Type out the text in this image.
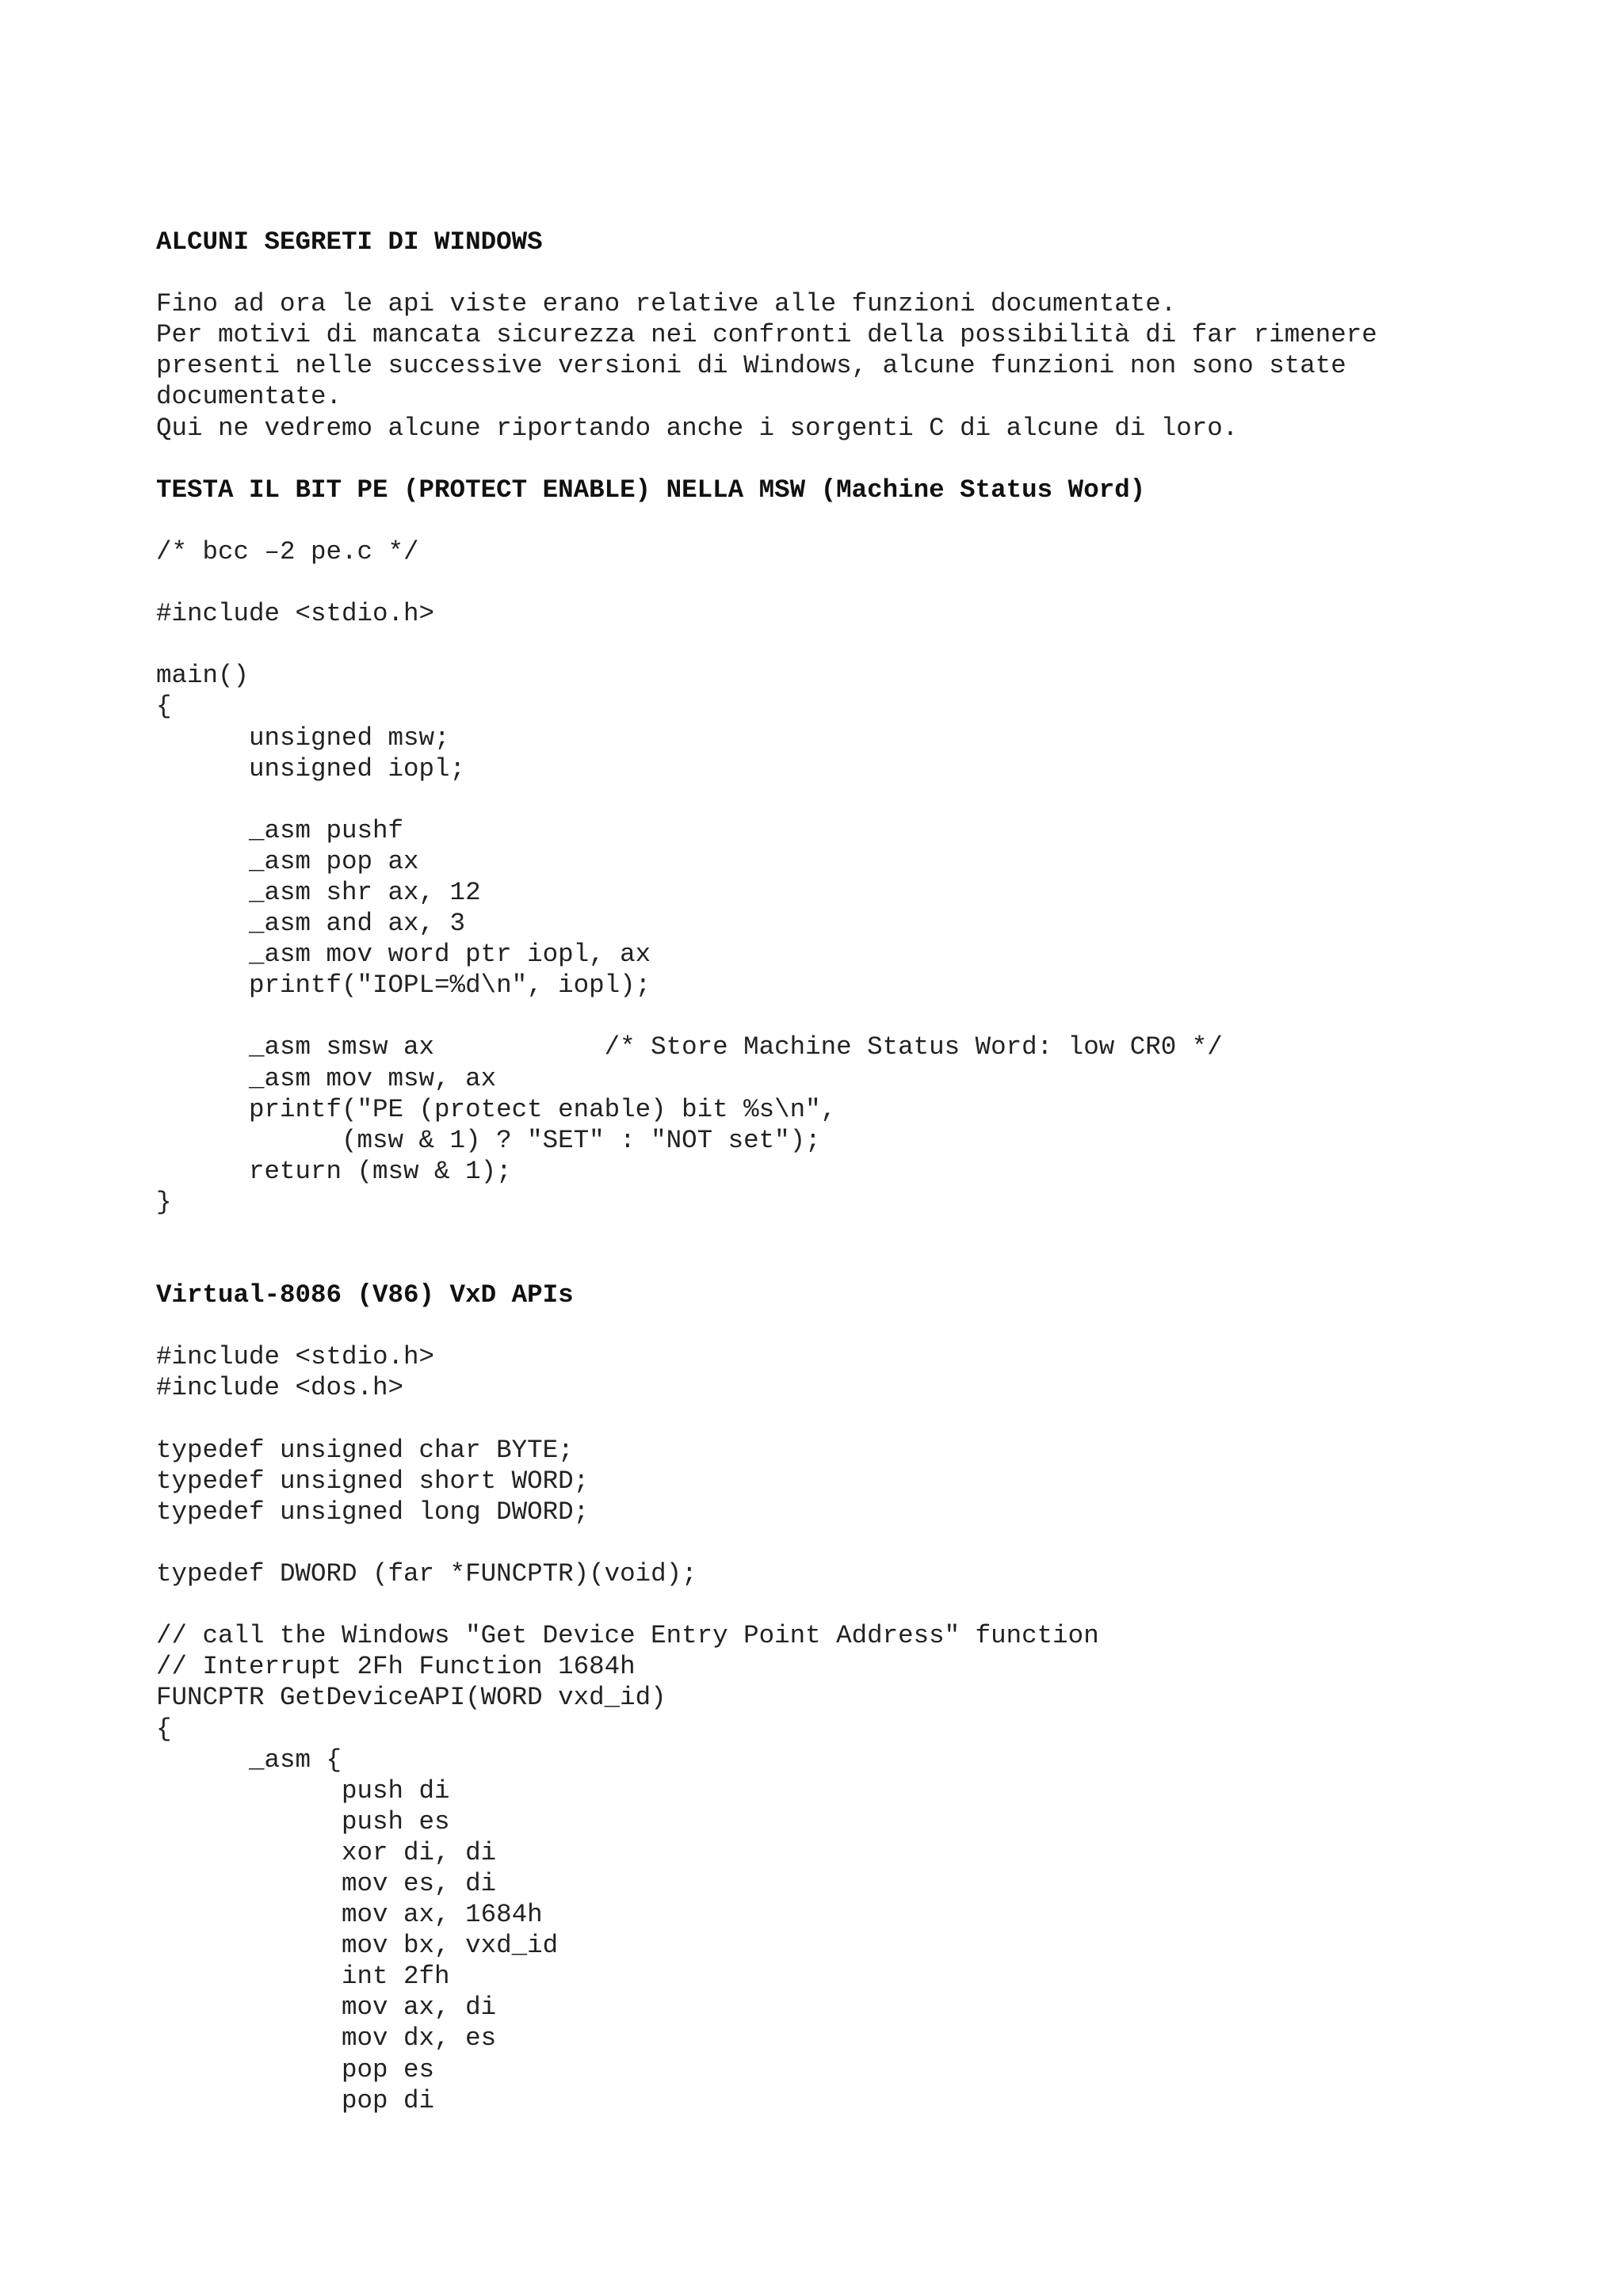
ALCUNI SEGRETI DI WINDOWS
Fino ad ora le api viste erano relative alle funzioni documentate.
Per motivi di mancata sicurezza nei confronti della possibilità di far rimenere
presenti nelle successive versioni di Windows, alcune funzioni non sono state
documentate.
Qui ne vedremo alcune riportando anche i sorgenti C di alcune di loro.
TESTA IL BIT PE (PROTECT ENABLE) NELLA MSW (Machine Status Word)
/* bcc –2 pe.c */
#include <stdio.h>
main()
{
unsigned msw;
unsigned iopl;
_asm pushf
_asm pop ax
_asm shr ax, 12
_asm and ax, 3
_asm mov word ptr iopl, ax
printf("IOPL=%d\n", iopl);
_asm smsw ax           /* Store Machine Status Word: low CR0 */
_asm mov msw, ax
printf("PE (protect enable) bit %s\n",
(msw & 1) ? "SET" : "NOT set");
return (msw & 1);
}
Virtual-8086 (V86) VxD APIs
#include <stdio.h>
#include <dos.h>
typedef unsigned char BYTE;
typedef unsigned short WORD;
typedef unsigned long DWORD;
typedef DWORD (far *FUNCPTR)(void);
// call the Windows "Get Device Entry Point Address" function
// Interrupt 2Fh Function 1684h
FUNCPTR GetDeviceAPI(WORD vxd_id)
{
_asm {
push di
push es
xor di, di
mov es, di
mov ax, 1684h
mov bx, vxd_id
int 2fh
mov ax, di
mov dx, es
pop es
pop di
